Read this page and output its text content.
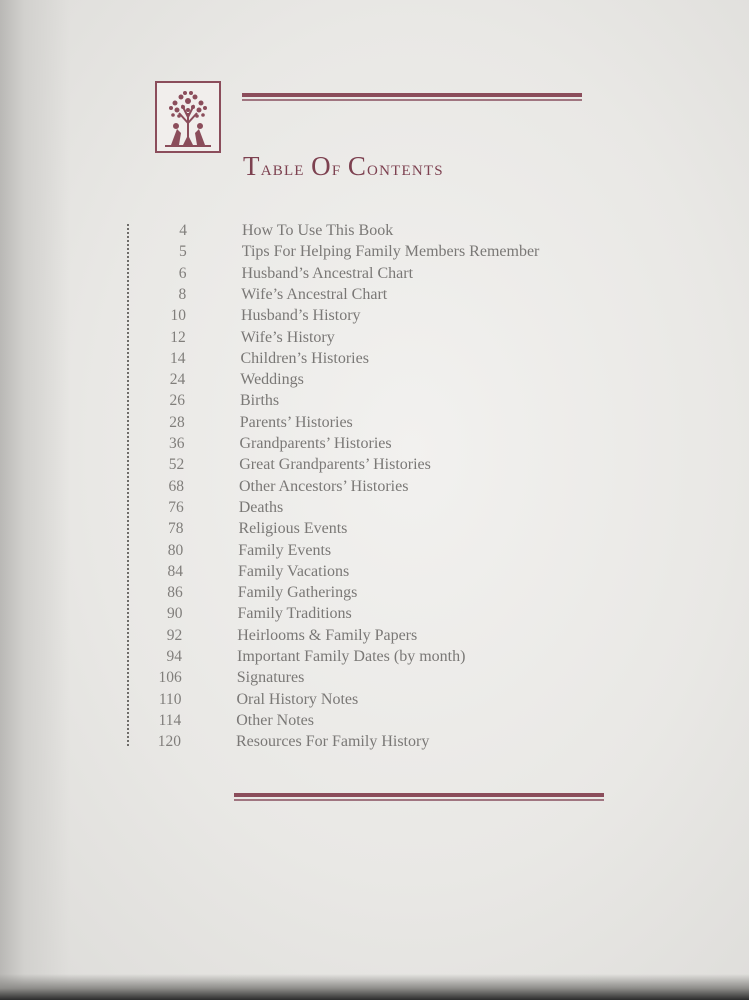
Table Of Contents
4	How To Use This Book
5	Tips For Helping Family Members Remember
6	Husband’s Ancestral Chart
8	Wife’s Ancestral Chart
10	Husband’s History
12	Wife’s History
14	Children’s Histories
24	Weddings
26	Births
28	Parents’ Histories
36	Grandparents’ Histories
52	Great Grandparents’ Histories
68	Other Ancestors’ Histories
76	Deaths
78	Religious Events
80	Family Events
84	Family Vacations
86	Family Gatherings
90	Family Traditions
92	Heirlooms & Family Papers
94	Important Family Dates (by month)
106	Signatures
110	Oral History Notes
114	Other Notes
120	Resources For Family History
